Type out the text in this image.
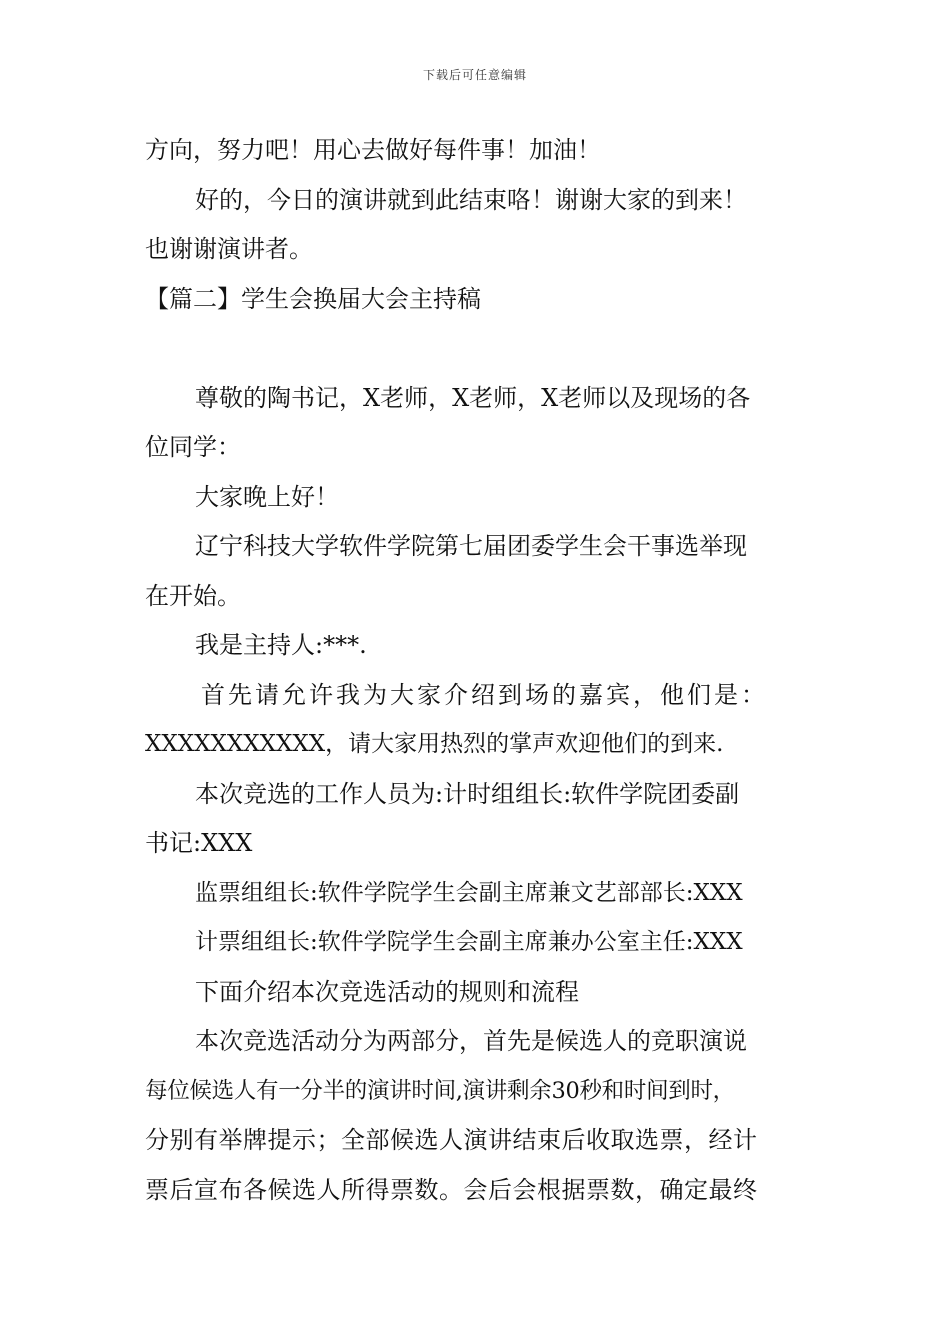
下载后可任意编辑
方向，努力吧！用心去做好每件事！加油！
好的，今日的演讲就到此结束咯！谢谢大家的到来！
也谢谢演讲者。
【篇二】学生会换届大会主持稿
尊敬的陶书记，X老师，X老师，X老师以及现场的各
位同学：
大家晚上好！
辽宁科技大学软件学院第七届团委学生会干事选举现
在开始。
我是主持人:***.
首先请允许我为大家介绍到场的嘉宾，他们是：
XXXXXXXXXXX，请大家用热烈的掌声欢迎他们的到来.
本次竞选的工作人员为:计时组组长:软件学院团委副
书记:XXX
监票组组长:软件学院学生会副主席兼文艺部部长:XXX
计票组组长:软件学院学生会副主席兼办公室主任:XXX
下面介绍本次竞选活动的规则和流程
本次竞选活动分为两部分，首先是候选人的竞职演说
每位候选人有一分半的演讲时间,演讲剩余30秒和时间到时，
分别有举牌提示；全部候选人演讲结束后收取选票，经计
票后宣布各候选人所得票数。会后会根据票数，确定最终
